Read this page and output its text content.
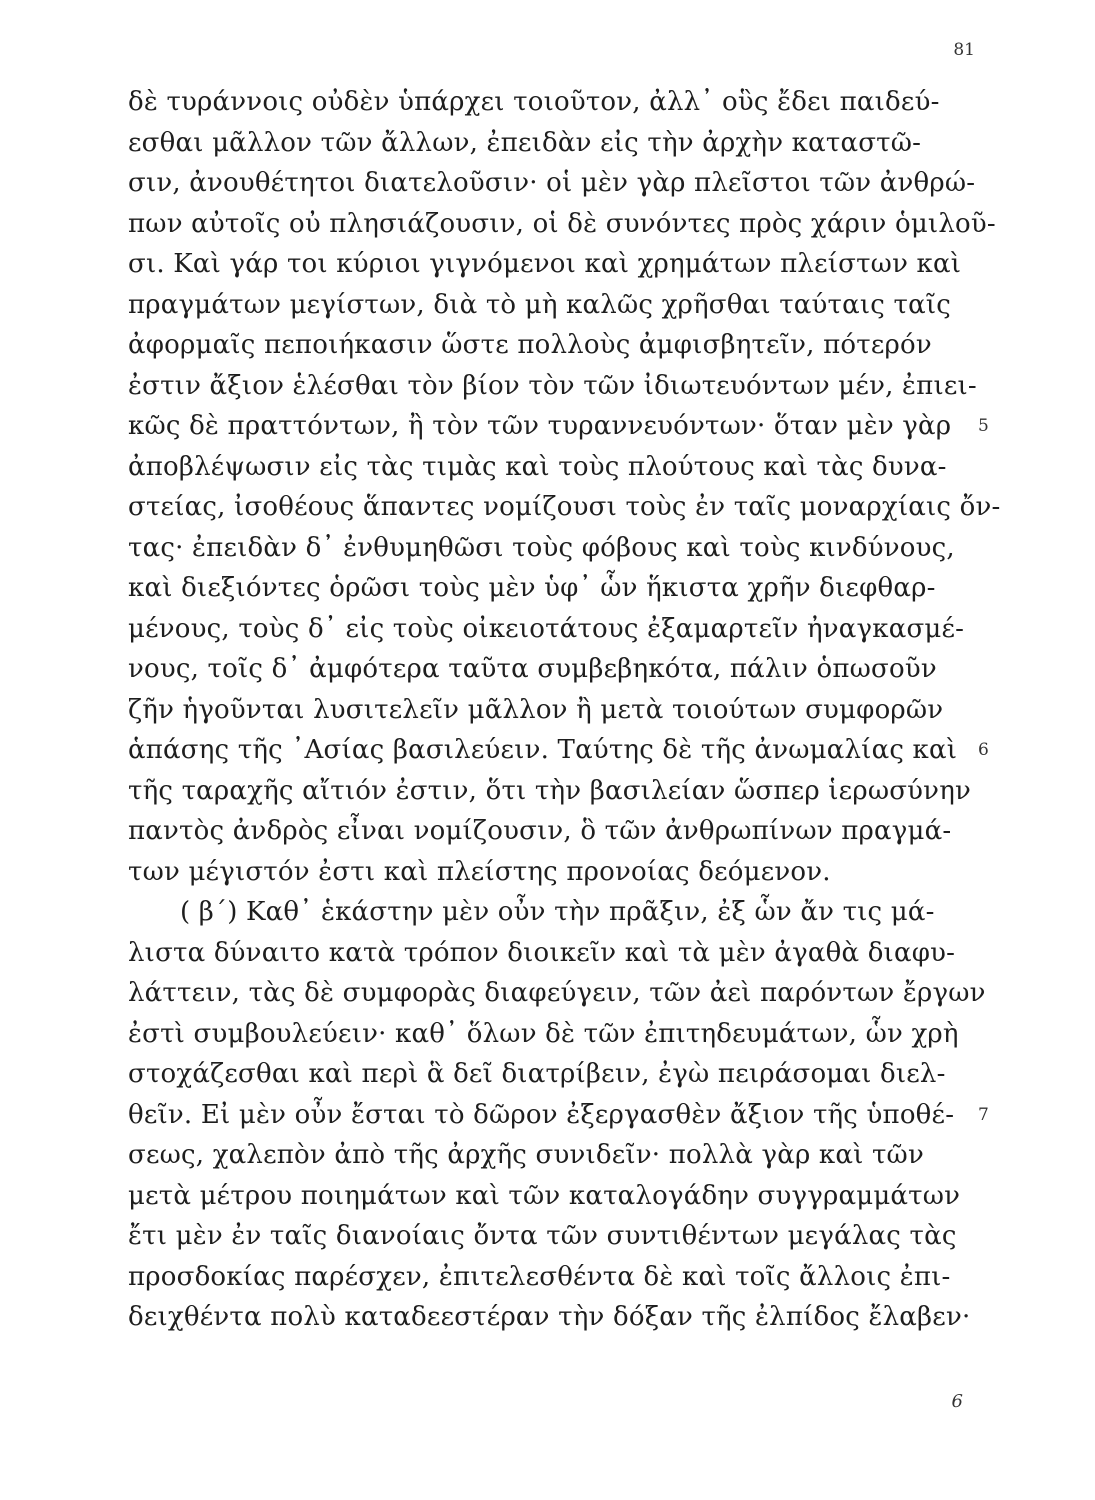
81
δὲ τυράννοις οὐδὲν ὑπάρχει τοιοῦτον, ἀλλ᾽ οὓς ἔδει παιδεύ-
εσθαι μᾶλλον τῶν ἄλλων, ἐπειδὰν εἰς τὴν ἀρχὴν καταστῶ-
σιν, ἀνουθέτητοι διατελοῦσιν· οἱ μὲν γὰρ πλεῖστοι τῶν ἀνθρώ-
πων αὐτοῖς οὐ πλησιάζουσιν, οἱ δὲ συνόντες πρὸς χάριν ὁμιλοῦ-
σι. Καὶ γάρ τοι κύριοι γιγνόμενοι καὶ χρημάτων πλείστων καὶ
πραγμάτων μεγίστων, διὰ τὸ μὴ καλῶς χρῆσθαι ταύταις ταῖς
ἀφορμαῖς πεποιήκασιν ὥστε πολλοὺς ἀμφισβητεῖν, πότερόν
ἐστιν ἄξιον ἑλέσθαι τὸν βίον τὸν τῶν ἰδιωτευόντων μέν, ἐπιει-
κῶς δὲ πραττόντων, ἢ τὸν τῶν τυραννευόντων· ὅταν μὲν γὰρ 5
ἀποβλέψωσιν εἰς τὰς τιμὰς καὶ τοὺς πλούτους καὶ τὰς δυνα-
στείας, ἰσοθέους ἅπαντες νομίζουσι τοὺς ἐν ταῖς μοναρχίαις ὄν-
τας· ἐπειδὰν δ᾽ ἐνθυμηθῶσι τοὺς φόβους καὶ τοὺς κινδύνους,
καὶ διεξιόντες ὁρῶσι τοὺς μὲν ὑφ᾽ ὧν ἥκιστα χρῆν διεφθαρ-
μένους, τοὺς δ᾽ εἰς τοὺς οἰκειοτάτους ἐξαμαρτεῖν ἠναγκασμέ-
νους, τοῖς δ᾽ ἀμφότερα ταῦτα συμβεβηκότα, πάλιν ὁπωσοῦν
ζῆν ἡγοῦνται λυσιτελεῖν μᾶλλον ἢ μετὰ τοιούτων συμφορῶν
ἁπάσης τῆς ᾽Ασίας βασιλεύειν. Ταύτης δὲ τῆς ἀνωμαλίας καὶ 6
τῆς ταραχῆς αἴτιόν ἐστιν, ὅτι τὴν βασιλείαν ὥσπερ ἱερωσύνην
παντὸς ἀνδρὸς εἶναι νομίζουσιν, ὃ τῶν ἀνθρωπίνων πραγμά-
των μέγιστόν ἐστι καὶ πλείστης προνοίας δεόμενον.
( β΄) Καθ᾽ ἑκάστην μὲν οὖν τὴν πρᾶξιν, ἐξ ὧν ἄν τις μά-
λιστα δύναιτο κατὰ τρόπον διοικεῖν καὶ τὰ μὲν ἀγαθὰ διαφυ-
λάττειν, τὰς δὲ συμφορὰς διαφεύγειν, τῶν ἀεὶ παρόντων ἔργων
ἐστὶ συμβουλεύειν· καθ᾽ ὅλων δὲ τῶν ἐπιτηδευμάτων, ὧν χρὴ
στοχάζεσθαι καὶ περὶ ἃ δεῖ διατρίβειν, ἐγὼ πειράσομαι διελ-
θεῖν. Εἰ μὲν οὖν ἔσται τὸ δῶρον ἐξεργασθὲν ἄξιον τῆς ὑποθέ- 7
σεως, χαλεπὸν ἀπὸ τῆς ἀρχῆς συνιδεῖν· πολλὰ γὰρ καὶ τῶν
μετὰ μέτρου ποιημάτων καὶ τῶν καταλογάδην συγγραμμάτων
ἔτι μὲν ἐν ταῖς διανοίαις ὄντα τῶν συντιθέντων μεγάλας τὰς
προσδοκίας παρέσχεν, ἐπιτελεσθέντα δὲ καὶ τοῖς ἄλλοις ἐπι-
δειχθέντα πολὺ καταδεεστέραν τὴν δόξαν τῆς ἐλπίδος ἔλαβεν·
6
